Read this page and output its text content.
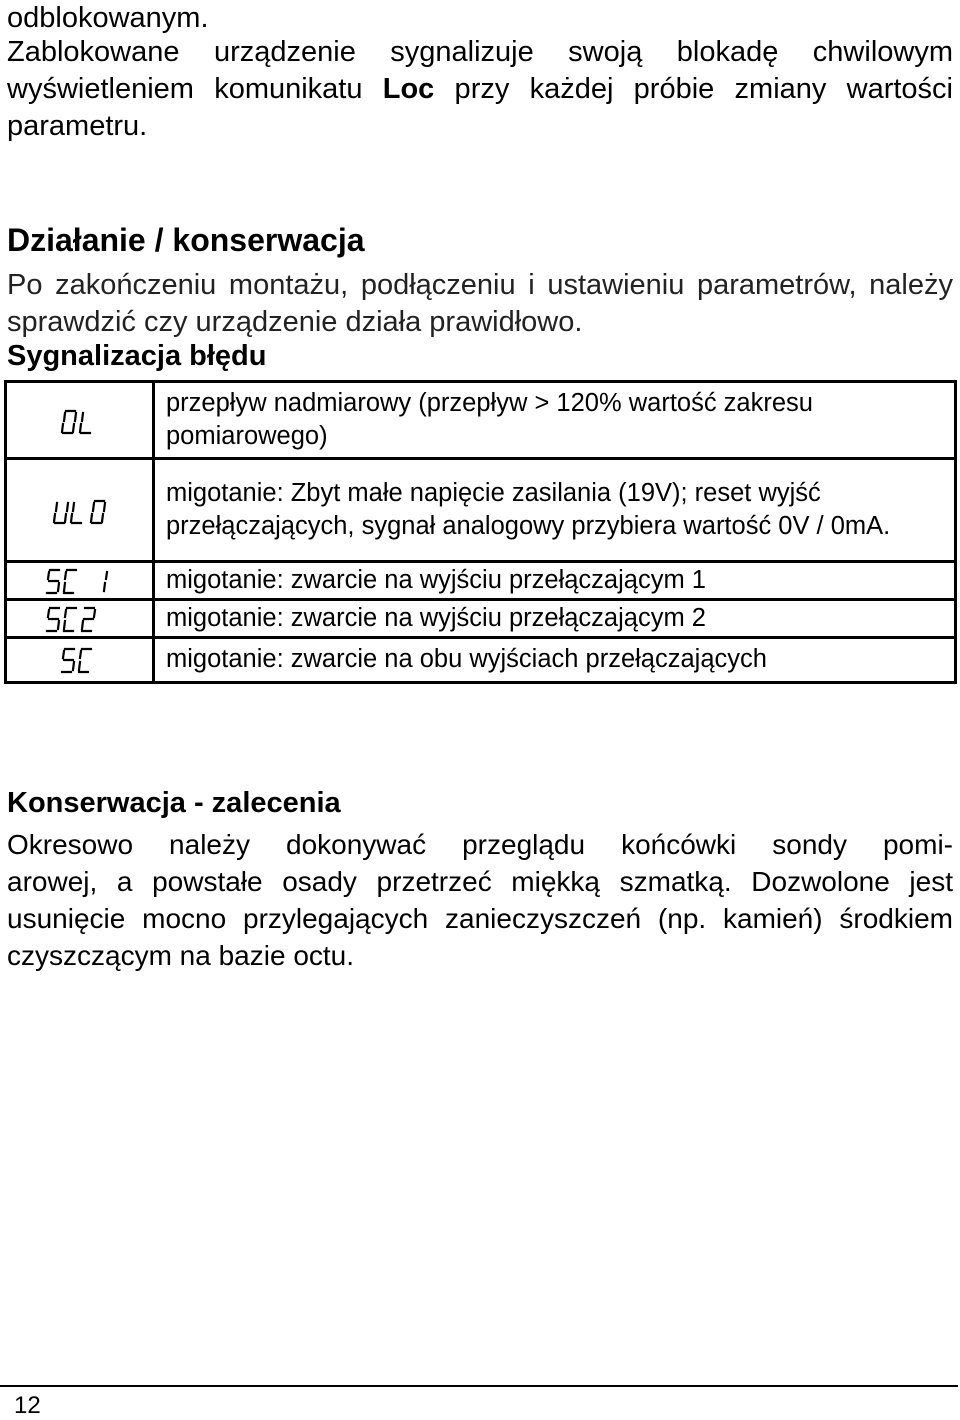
odblokowanym.

Zablokowane urządzenie sygnalizuje swoją blokadę chwilowym wyświetleniem komunikatu Loc przy każdej próbie zmiany wartości parametru.

Działanie / konserwacja

Po zakończeniu montażu, podłączeniu i ustawieniu parametrów, należy sprawdzić czy urządzenie działa prawidłowo.

Sygnalizacja błędu
	przepływ nadmiarowy (przepływ > 120% wartość zakresu pomiarowego)

	migotanie: Zbyt małe napięcie zasilania (19V); reset wyjść przełączających, sygnał analogowy przybiera wartość 0V / 0mA.

	migotanie: zwarcie na wyjściu przełączającym 1

	migotanie: zwarcie na wyjściu przełączającym 2

	migotanie: zwarcie na obu wyjściach przełączających
Konserwacja - zalecenia

Okresowo należy dokonywać przeglądu końcówki sondy pomi-

arowej, a powstałe osady przetrzeć miękką szmatką. Dozwolone jest usunięcie mocno przylegających zanieczyszczeń (np. kamień) środkiem czyszczącym na bazie octu.

12
